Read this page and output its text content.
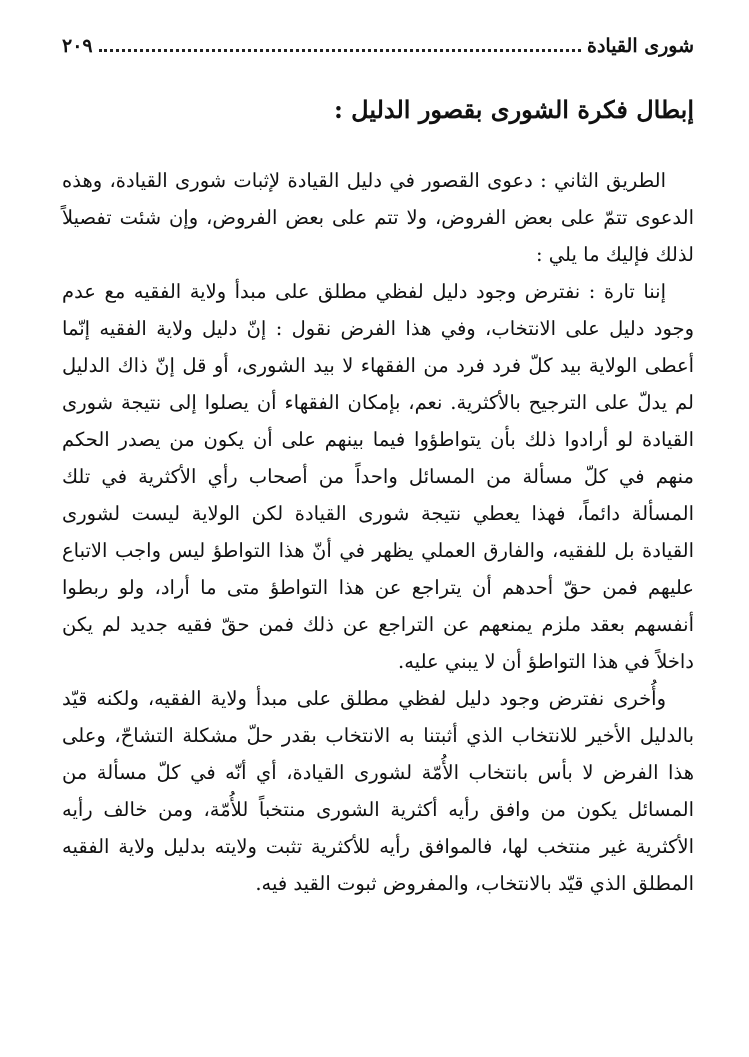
شورى القيادة
٢٠٩
إبطال فكرة الشورى بقصور الدليل :

الطريق الثاني : دعوى القصور في دليل القيادة لإثبات شورى القيادة، وهذه الدعوى تتمّ على بعض الفروض، ولا تتم على بعض الفروض، وإن شئت تفصيلاً لذلك فإليك ما يلي :

إننا تارة : نفترض وجود دليل لفظي مطلق على مبدأ ولاية الفقيه مع عدم وجود دليل على الانتخاب، وفي هذا الفرض نقول : إنّ دليل ولاية الفقيه إنّما أعطى الولاية بيد كلّ فرد فرد من الفقهاء لا بيد الشورى، أو قل إنّ ذاك الدليل لم يدلّ على الترجيح بالأكثرية. نعم، بإمكان الفقهاء أن يصلوا إلى نتيجة شورى القيادة لو أرادوا ذلك بأن يتواطؤوا فيما بينهم على أن يكون من يصدر الحكم منهم في كلّ مسألة من المسائل واحداً من أصحاب رأي الأكثرية في تلك المسألة دائماً، فهذا يعطي نتيجة شورى القيادة لكن الولاية ليست لشورى القيادة بل للفقيه، والفارق العملي يظهر في أنّ هذا التواطؤ ليس واجب الاتباع عليهم فمن حقّ أحدهم أن يتراجع عن هذا التواطؤ متى ما أراد، ولو ربطوا أنفسهم بعقد ملزم يمنعهم عن التراجع عن ذلك فمن حقّ فقيه جديد لم يكن داخلاً في هذا التواطؤ أن لا يبني عليه.

وأُخرى نفترض وجود دليل لفظي مطلق على مبدأ ولاية الفقيه، ولكنه قيّد بالدليل الأخير للانتخاب الذي أثبتنا به الانتخاب بقدر حلّ مشكلة التشاحّ، وعلى هذا الفرض لا بأس بانتخاب الأُمّة لشورى القيادة، أي أنّه في كلّ مسألة من المسائل يكون من وافق رأيه أكثرية الشورى منتخباً للأُمّة، ومن خالف رأيه الأكثرية غير منتخب لها، فالموافق رأيه للأكثرية تثبت ولايته بدليل ولاية الفقيه المطلق الذي قيّد بالانتخاب، والمفروض ثبوت القيد فيه.
